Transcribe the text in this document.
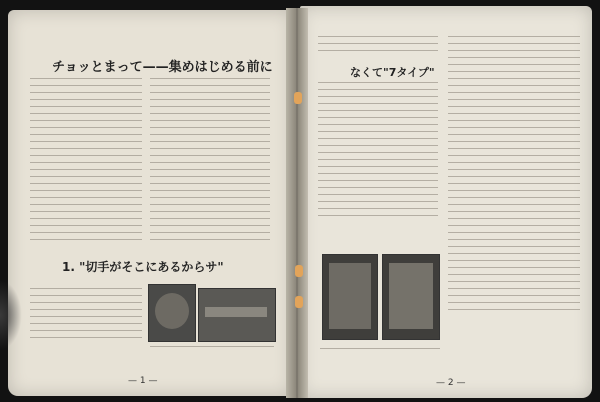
チョッとまって——集めはじめる前に
1. "切手がそこにあるからサ"
— 1 —
なくて"7タイプ"
— 2 —
